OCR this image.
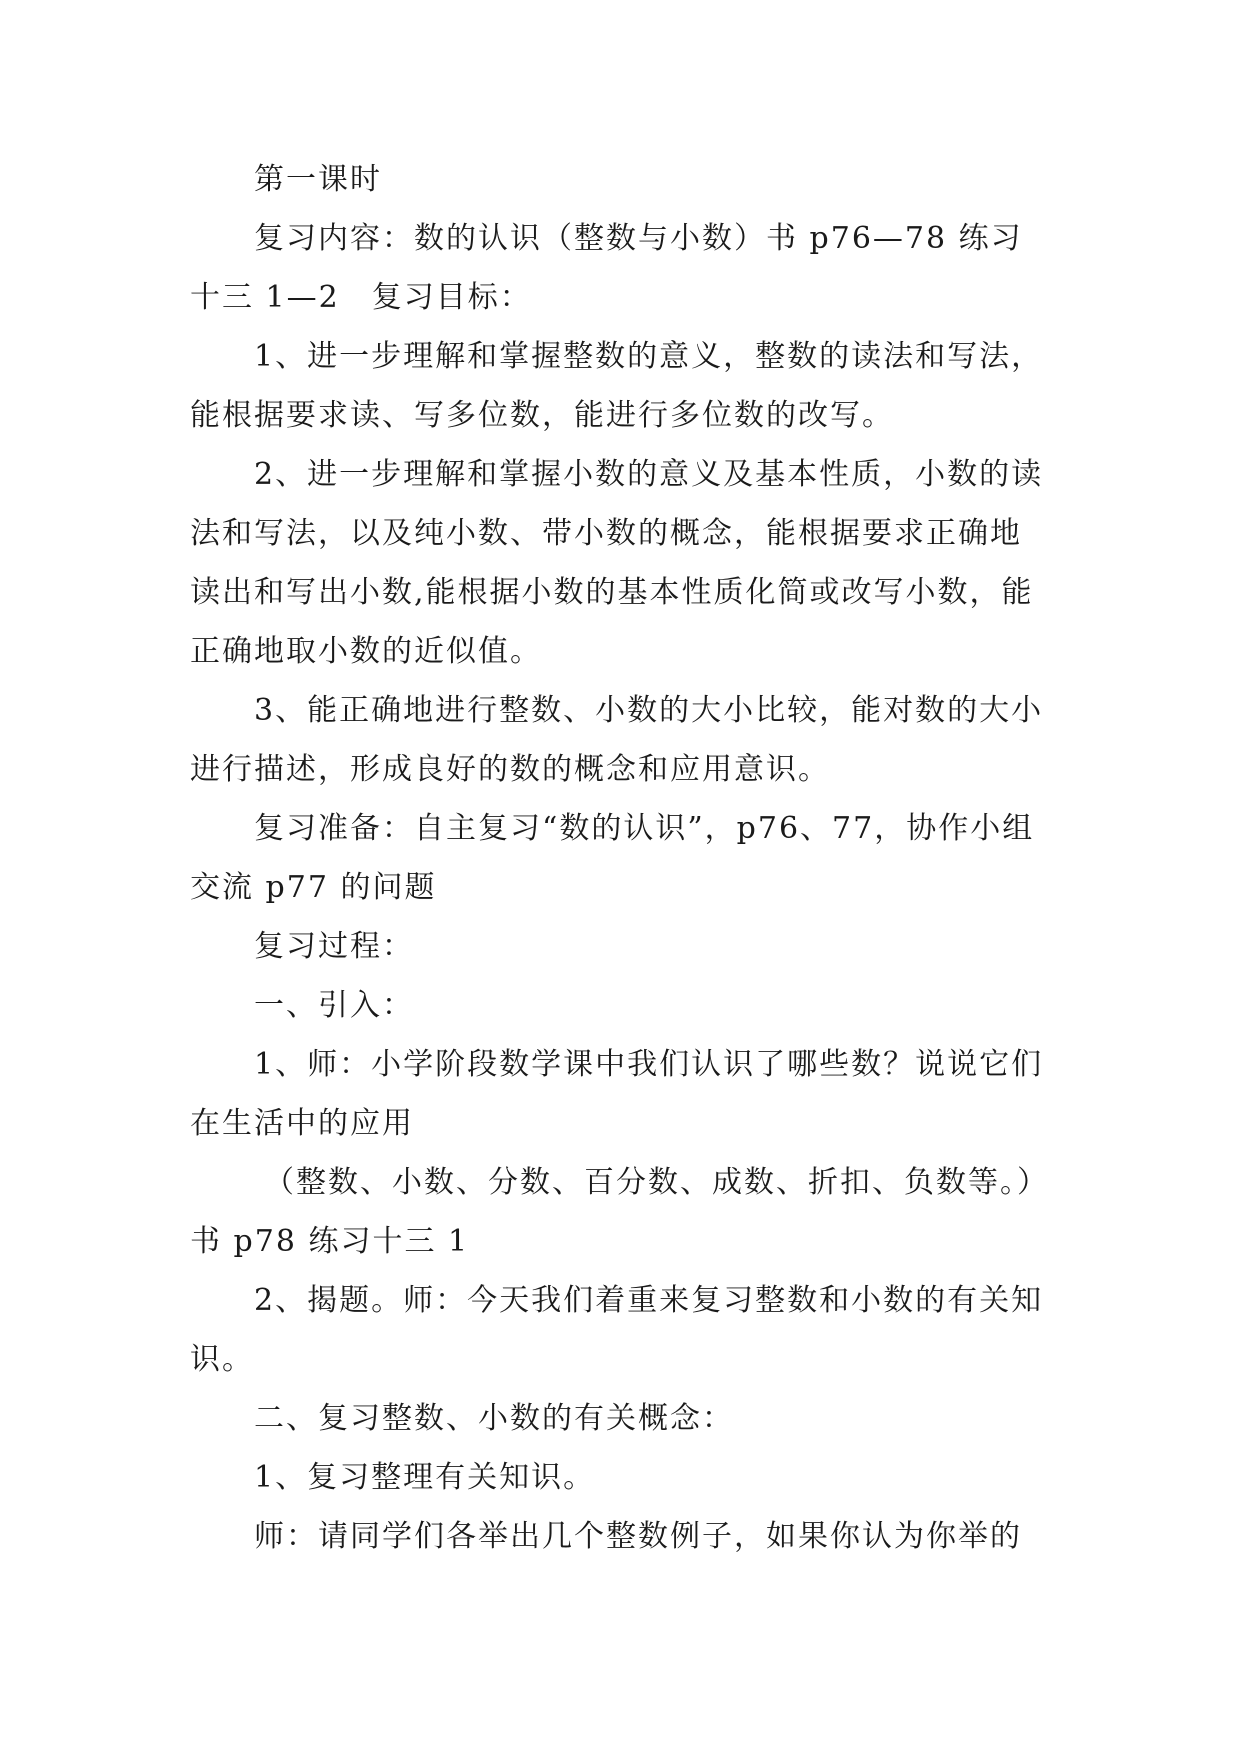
第一课时

复习内容：数的认识（整数与小数）书 p76—78 练习十三 1—2　复习目标：

1、进一步理解和掌握整数的意义，整数的读法和写法，能根据要求读、写多位数，能进行多位数的改写。

2、进一步理解和掌握小数的意义及基本性质，小数的读法和写法，以及纯小数、带小数的概念，能根据要求正确地读出和写出小数,能根据小数的基本性质化简或改写小数，能正确地取小数的近似值。

3、能正确地进行整数、小数的大小比较，能对数的大小进行描述，形成良好的数的概念和应用意识。

复习准备：自主复习“数的认识”，p76、77，协作小组交流 p77 的问题

复习过程：

一、引入：

1、师：小学阶段数学课中我们认识了哪些数？说说它们在生活中的应用

（整数、小数、分数、百分数、成数、折扣、负数等。）书 p78 练习十三 1

2、揭题。师：今天我们着重来复习整数和小数的有关知识。

二、复习整数、小数的有关概念：

1、复习整理有关知识。

师：请同学们各举出几个整数例子，如果你认为你举的
